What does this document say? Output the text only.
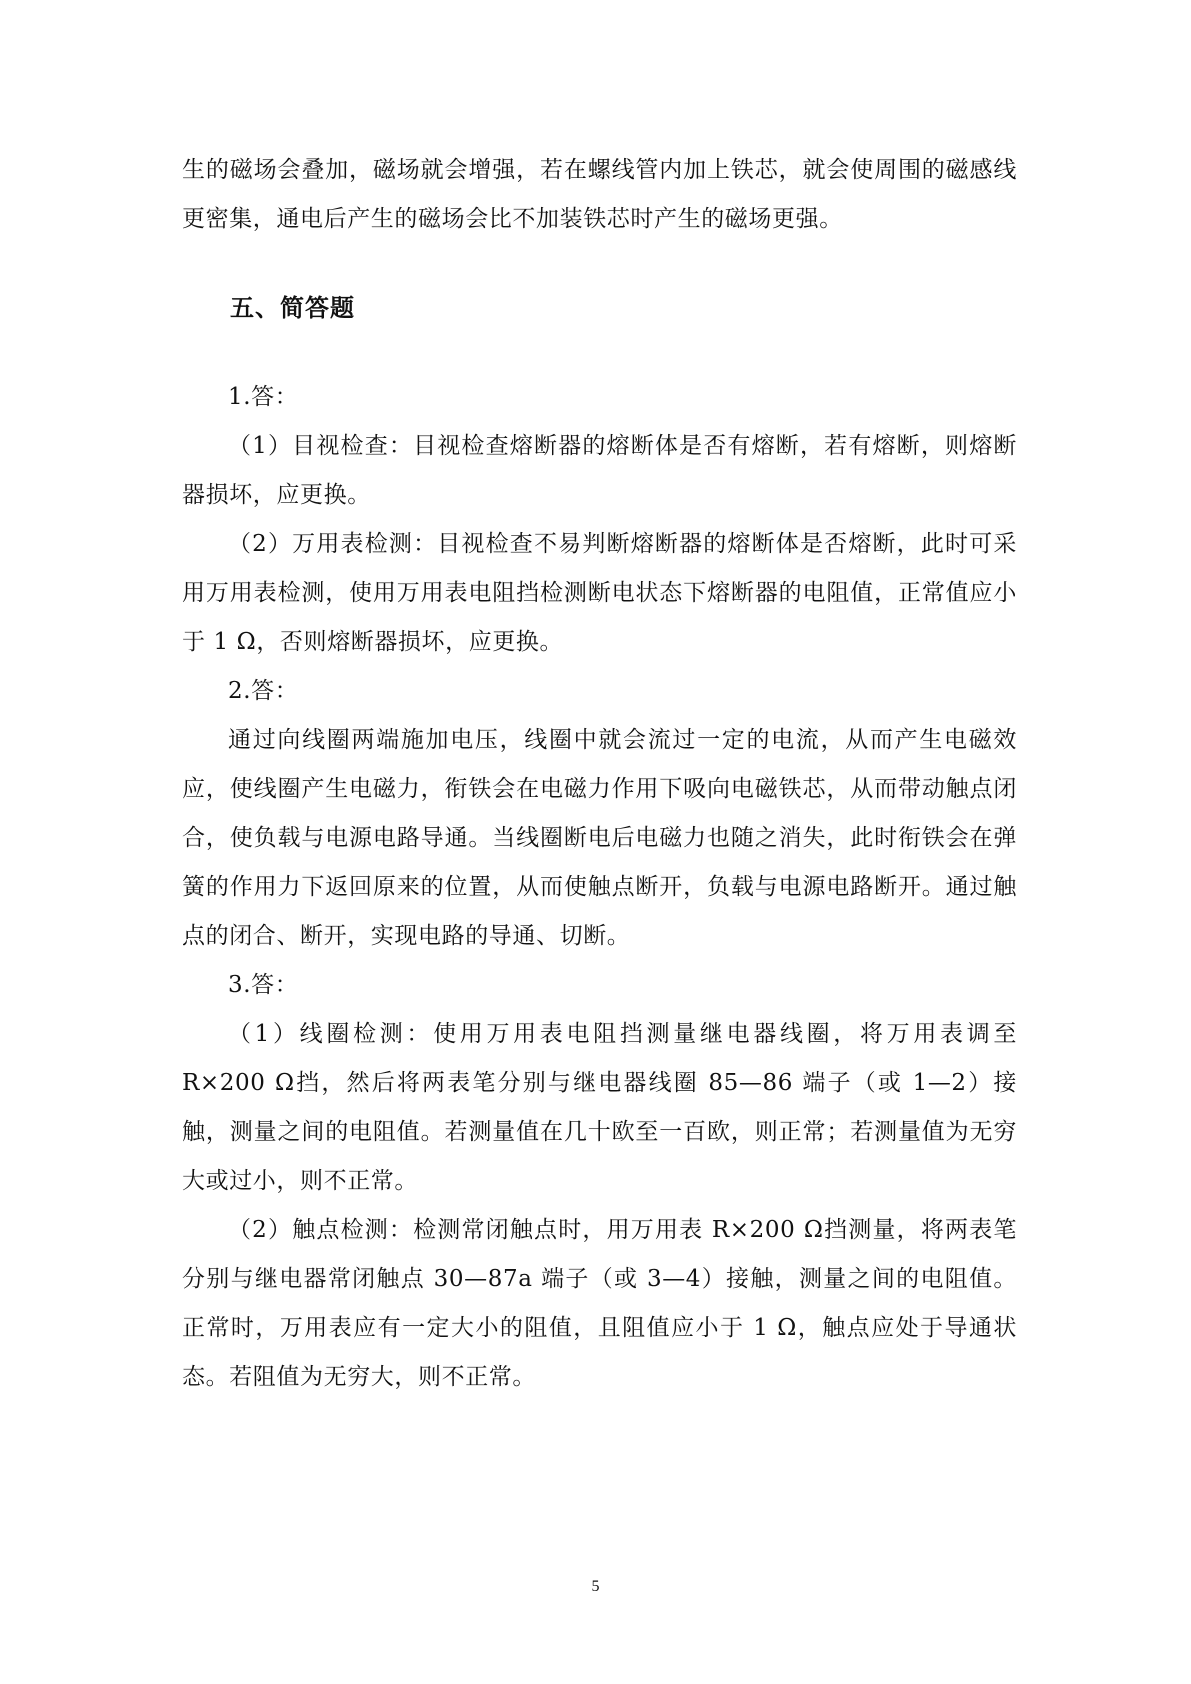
生的磁场会叠加，磁场就会增强，若在螺线管内加上铁芯，就会使周围的磁感线更密集，通电后产生的磁场会比不加装铁芯时产生的磁场更强。

五、简答题

1.答：

（1）目视检查：目视检查熔断器的熔断体是否有熔断，若有熔断，则熔断器损坏，应更换。

（2）万用表检测：目视检查不易判断熔断器的熔断体是否熔断，此时可采用万用表检测，使用万用表电阻挡检测断电状态下熔断器的电阻值，正常值应小于 1 Ω，否则熔断器损坏，应更换。

2.答：

通过向线圈两端施加电压，线圈中就会流过一定的电流，从而产生电磁效应，使线圈产生电磁力，衔铁会在电磁力作用下吸向电磁铁芯，从而带动触点闭合，使负载与电源电路导通。当线圈断电后电磁力也随之消失，此时衔铁会在弹簧的作用力下返回原来的位置，从而使触点断开，负载与电源电路断开。通过触点的闭合、断开，实现电路的导通、切断。

3.答：

（1）线圈检测：使用万用表电阻挡测量继电器线圈，将万用表调至 R×200 Ω挡，然后将两表笔分别与继电器线圈 85—86 端子（或 1—2）接触，测量之间的电阻值。若测量值在几十欧至一百欧，则正常；若测量值为无穷大或过小，则不正常。

（2）触点检测：检测常闭触点时，用万用表 R×200 Ω挡测量，将两表笔分别与继电器常闭触点 30—87a 端子（或 3—4）接触，测量之间的电阻值。正常时，万用表应有一定大小的阻值，且阻值应小于 1 Ω，触点应处于导通状态。若阻值为无穷大，则不正常。

5
